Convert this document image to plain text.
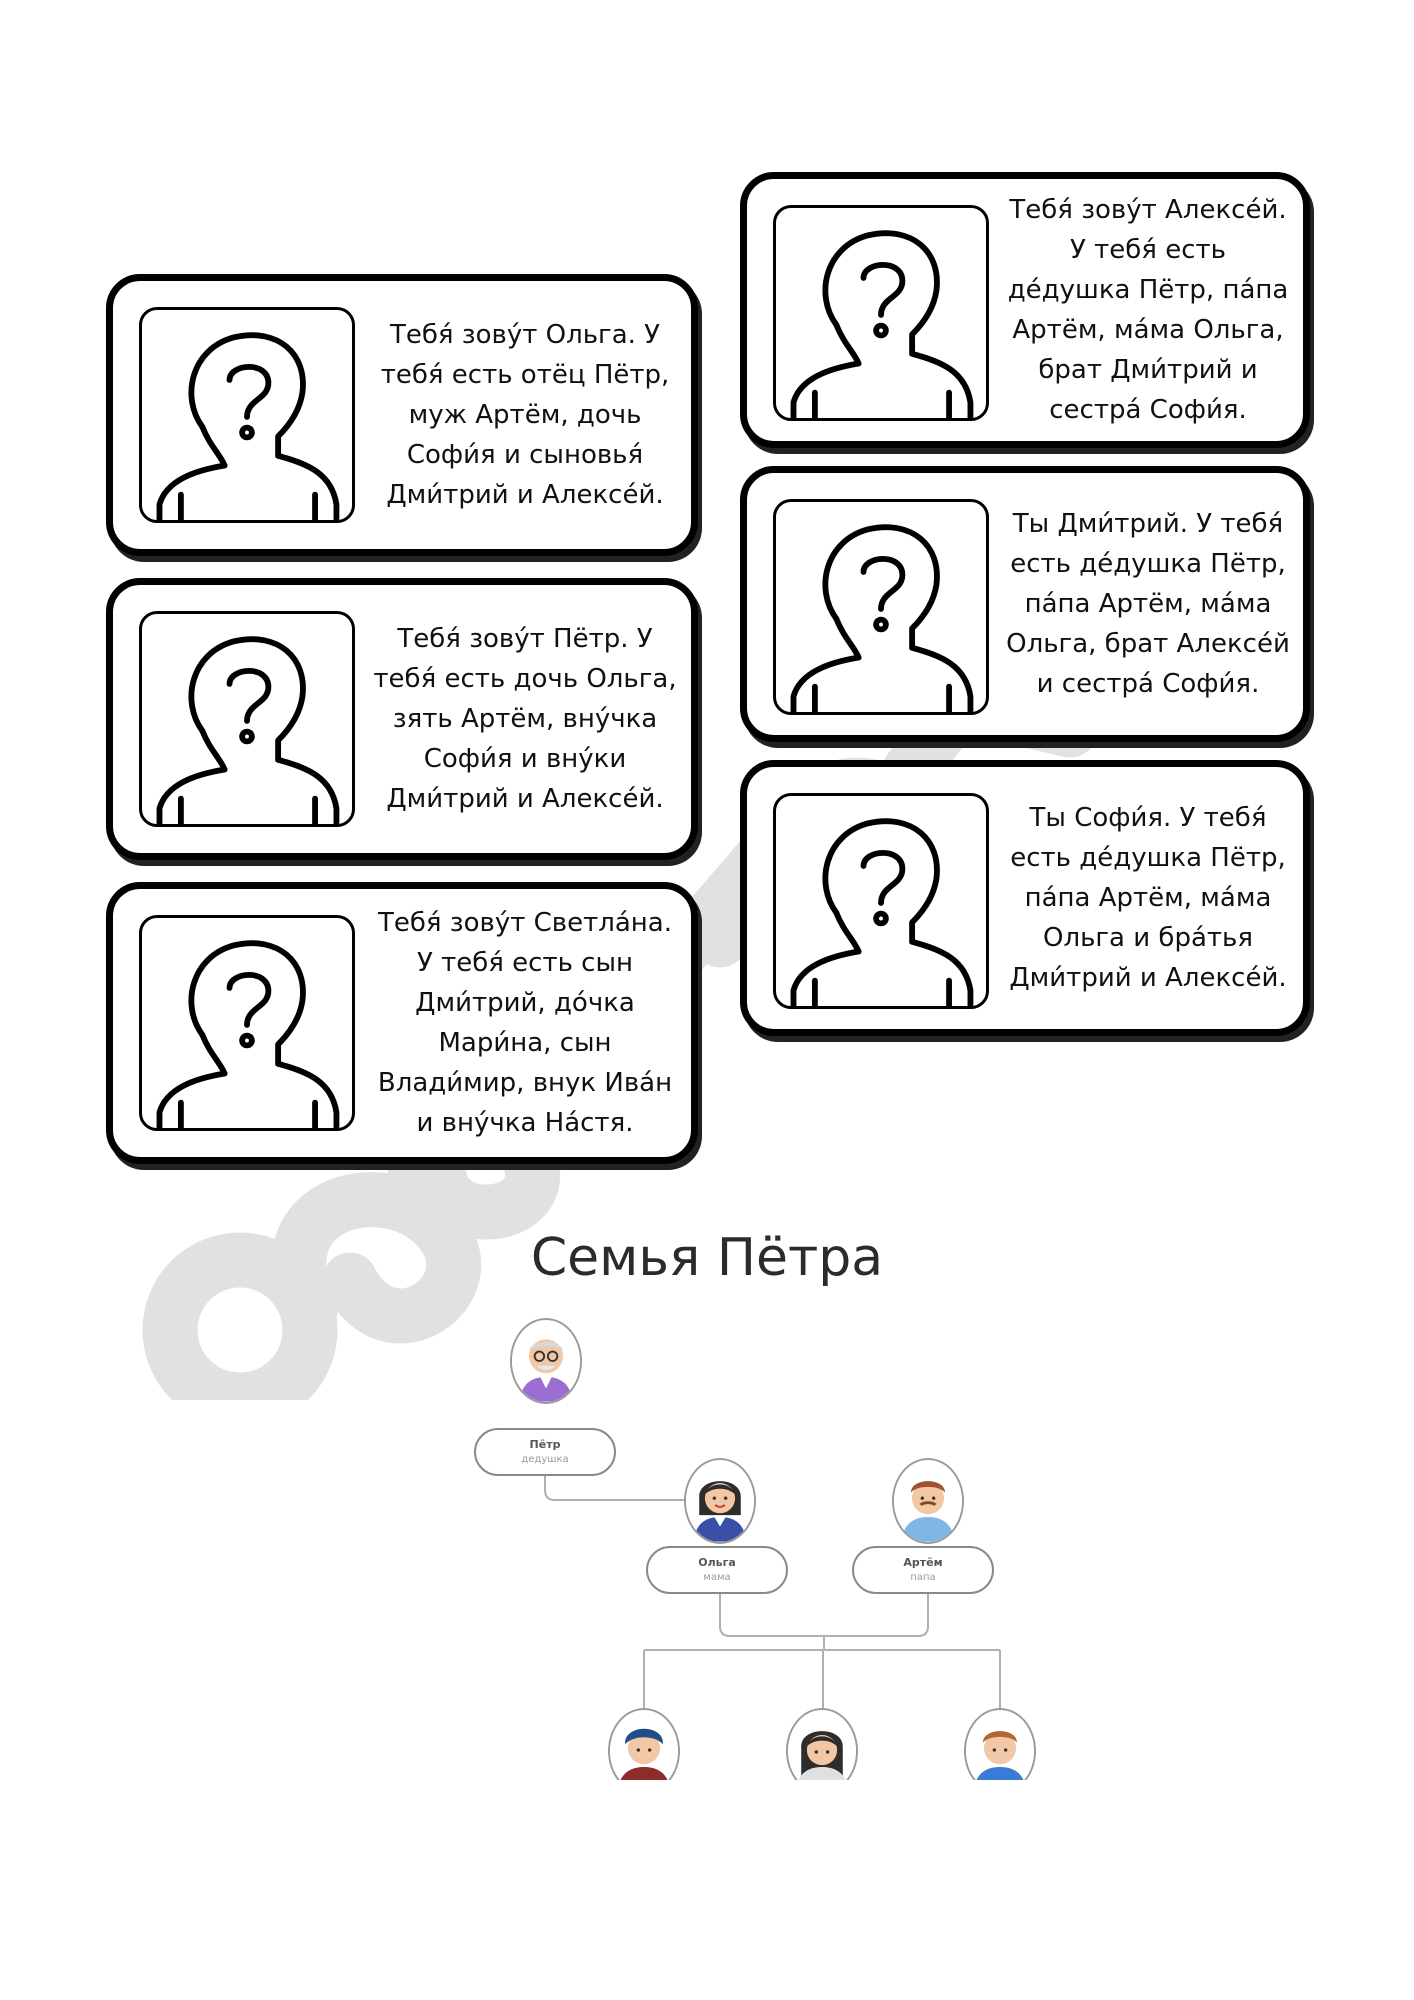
Тебя́ зову́т Ольга. У тебя́ есть отёц Пётр, муж Артём, дочь Софи́я и сыновья́ Дми́трий и Алексе́й.
Тебя́ зову́т Пётр. У тебя́ есть дочь Ольга, зять Артём, вну́чка Софи́я и вну́ки Дми́трий и Алексе́й.
Тебя́ зову́т Светла́на. У тебя́ есть сын Дми́трий, до́чка Мари́на, сын Влади́мир, внук Ива́н и вну́чка На́стя.
Тебя́ зову́т Алексе́й. У тебя́ есть де́душка Пётр, па́па Артём, ма́ма Ольга, брат Дми́трий и сестра́ Софи́я.
Ты Дми́трий. У тебя́ есть де́душка Пётр, па́па Артём, ма́ма Ольга, брат Алексе́й и сестра́ Софи́я.
Ты Софи́я. У тебя́ есть де́душка Пётр, па́па Артём, ма́ма Ольга и бра́тья Дми́трий и Алексе́й.
Семья Пётра
Пётр
дедушка
Ольга
мама
Артём
папа
